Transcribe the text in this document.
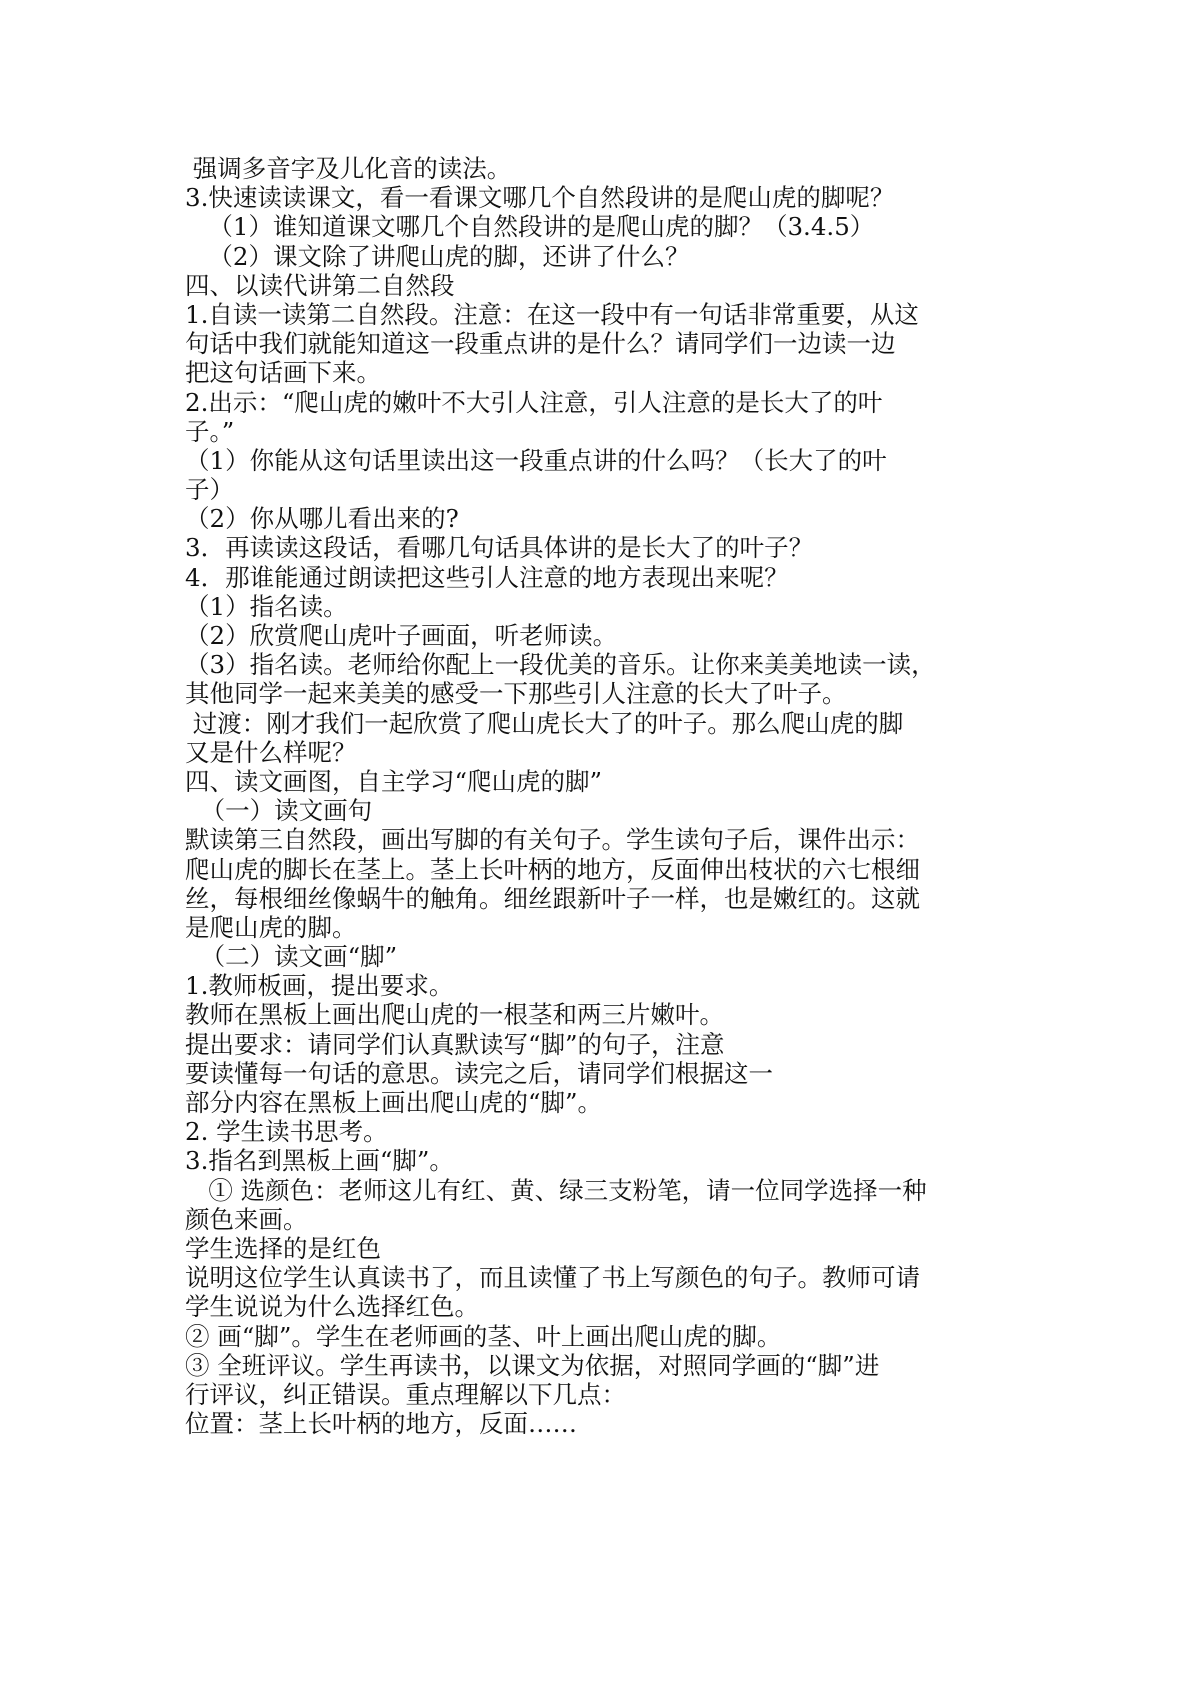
强调多音字及儿化音的读法。
3.快速读读课文，看一看课文哪几个自然段讲的是爬山虎的脚呢？
（1）谁知道课文哪几个自然段讲的是爬山虎的脚？（3.4.5）
（2）课文除了讲爬山虎的脚，还讲了什么？
四、以读代讲第二自然段
1.自读一读第二自然段。注意：在这一段中有一句话非常重要，从这
句话中我们就能知道这一段重点讲的是什么？请同学们一边读一边
把这句话画下来。
2.出示：“爬山虎的嫩叶不大引人注意，引人注意的是长大了的叶
子。”
（1）你能从这句话里读出这一段重点讲的什么吗？（长大了的叶
子）
（2）你从哪儿看出来的?
3．再读读这段话，看哪几句话具体讲的是长大了的叶子？
4．那谁能通过朗读把这些引人注意的地方表现出来呢？
（1）指名读。
（2）欣赏爬山虎叶子画面，听老师读。
（3）指名读。老师给你配上一段优美的音乐。让你来美美地读一读，
其他同学一起来美美的感受一下那些引人注意的长大了叶子。
过渡：刚才我们一起欣赏了爬山虎长大了的叶子。那么爬山虎的脚
又是什么样呢？
四、读文画图，自主学习“爬山虎的脚”
（一）读文画句
默读第三自然段，画出写脚的有关句子。学生读句子后，课件出示：
爬山虎的脚长在茎上。茎上长叶柄的地方，反面伸出枝状的六七根细
丝，每根细丝像蜗牛的触角。细丝跟新叶子一样，也是嫩红的。这就
是爬山虎的脚。
（二）读文画“脚”
1.教师板画，提出要求。
教师在黑板上画出爬山虎的一根茎和两三片嫩叶。
提出要求：请同学们认真默读写“脚”的句子，注意
要读懂每一句话的意思。读完之后，请同学们根据这一
部分内容在黑板上画出爬山虎的“脚”。
2. 学生读书思考。
3.指名到黑板上画“脚”。
① 选颜色：老师这儿有红、黄、绿三支粉笔，请一位同学选择一种
颜色来画。
学生选择的是红色
说明这位学生认真读书了，而且读懂了书上写颜色的句子。教师可请
学生说说为什么选择红色。
② 画“脚”。学生在老师画的茎、叶上画出爬山虎的脚。
③ 全班评议。学生再读书，以课文为依据，对照同学画的“脚”进
行评议，纠正错误。重点理解以下几点：
位置：茎上长叶柄的地方，反面……
